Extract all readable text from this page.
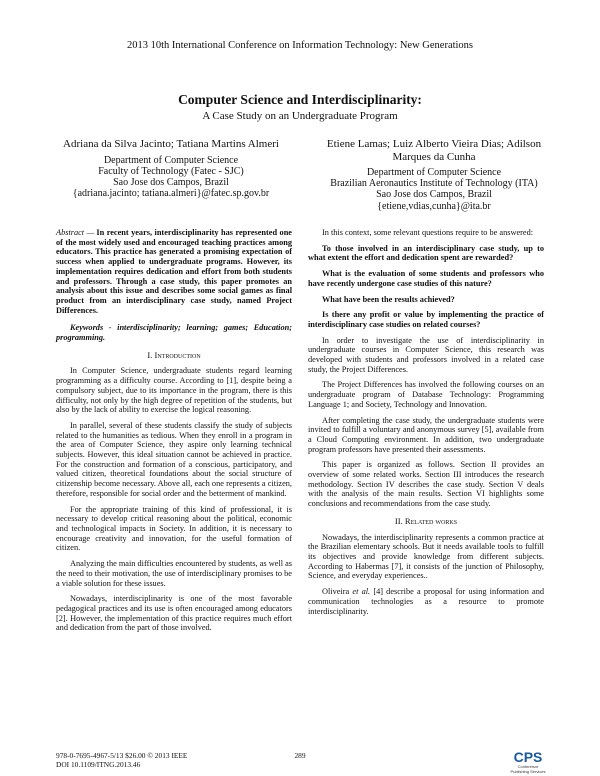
2013 10th International Conference on Information Technology: New Generations
Computer Science and Interdisciplinarity:
A Case Study on an Undergraduate Program
Adriana da Silva Jacinto; Tatiana Martins Almeri
Department of Computer Science
Faculty of Technology (Fatec - SJC)
Sao Jose dos Campos, Brazil
{adriana.jacinto; tatiana.almeri}@fatec.sp.gov.br
Etiene Lamas; Luiz Alberto Vieira Dias; Adilson Marques da Cunha
Department of Computer Science
Brazilian Aeronautics Institute of Technology (ITA)
Sao Jose dos Campos, Brazil
{etiene,vdias,cunha}@ita.br

Abstract — In recent years, interdisciplinarity has represented one of the most widely used and encouraged teaching practices among educators. This practice has generated a promising expectation of success when applied to undergraduate programs. However, its implementation requires dedication and effort from both students and professors. Through a case study, this paper promotes an analysis about this issue and describes some social games as final product from an interdisciplinary case study, named Project Differences.

Keywords - interdisciplinarity; learning; games; Education; programming.

I. Introduction

In Computer Science, undergraduate students regard learning programming as a difficulty course. According to [1], despite being a compulsory subject, due to its importance in the program, there is this difficulty, not only by the high degree of repetition of the students, but also by the lack of ability to exercise the logical reasoning.

In parallel, several of these students classify the study of subjects related to the humanities as tedious. When they enroll in a program in the area of Computer Science, they aspire only learning technical subjects. However, this ideal situation cannot be achieved in practice. For the construction and formation of a conscious, participatory, and valued citizen, theoretical foundations about the social structure of citizenship become necessary. Above all, each one represents a citizen, therefore, responsible for social order and the betterment of mankind.

For the appropriate training of this kind of professional, it is necessary to develop critical reasoning about the political, economic and technological impacts in Society. In addition, it is necessary to encourage creativity and innovation, for the useful formation of citizen.

Analyzing the main difficulties encountered by students, as well as the need to their motivation, the use of interdisciplinary promises to be a viable solution for these issues.

Nowadays, interdisciplinarity is one of the most favorable pedagogical practices and its use is often encouraged among educators [2]. However, the implementation of this practice requires much effort and dedication from the part of those involved.

In this context, some relevant questions require to be answered:

To those involved in an interdisciplinary case study, up to what extent the effort and dedication spent are rewarded?

What is the evaluation of some students and professors who have recently undergone case studies of this nature?

What have been the results achieved?

Is there any profit or value by implementing the practice of interdisciplinary case studies on related courses?

In order to investigate the use of interdisciplinarity in undergraduate courses in Computer Science, this research was developed with students and professors involved in a related case study, the Project Differences.

The Project Differences has involved the following courses on an undergraduate program of Database Technology: Programming Language 1; and Society, Technology and Innovation.

After completing the case study, the undergraduate students were invited to fulfill a voluntary and anonymous survey [5], available from a Cloud Computing environment. In addition, two undergraduate program professors have presented their assessments.

This paper is organized as follows. Section II provides an overview of some related works. Section III introduces the research methodology. Section IV describes the case study. Section V deals with the analysis of the main results. Section VI highlights some conclusions and recommendations from the case study.

II. Related works

Nowadays, the interdisciplinarity represents a common practice at the Brazilian elementary schools. But it needs available tools to fulfill its objectives and provide knowledge from different subjects. According to Habermas [7], it consists of the junction of Philosophy, Science, and everyday experiences..

Oliveira et al. [4] describe a proposal for using information and communication technologies as a resource to promote interdisciplinarity.

978-0-7695-4967-5/13 $26.00 © 2013 IEEE
DOI 10.1109/ITNG.2013.46
289	CPS
Conference Publishing Services
